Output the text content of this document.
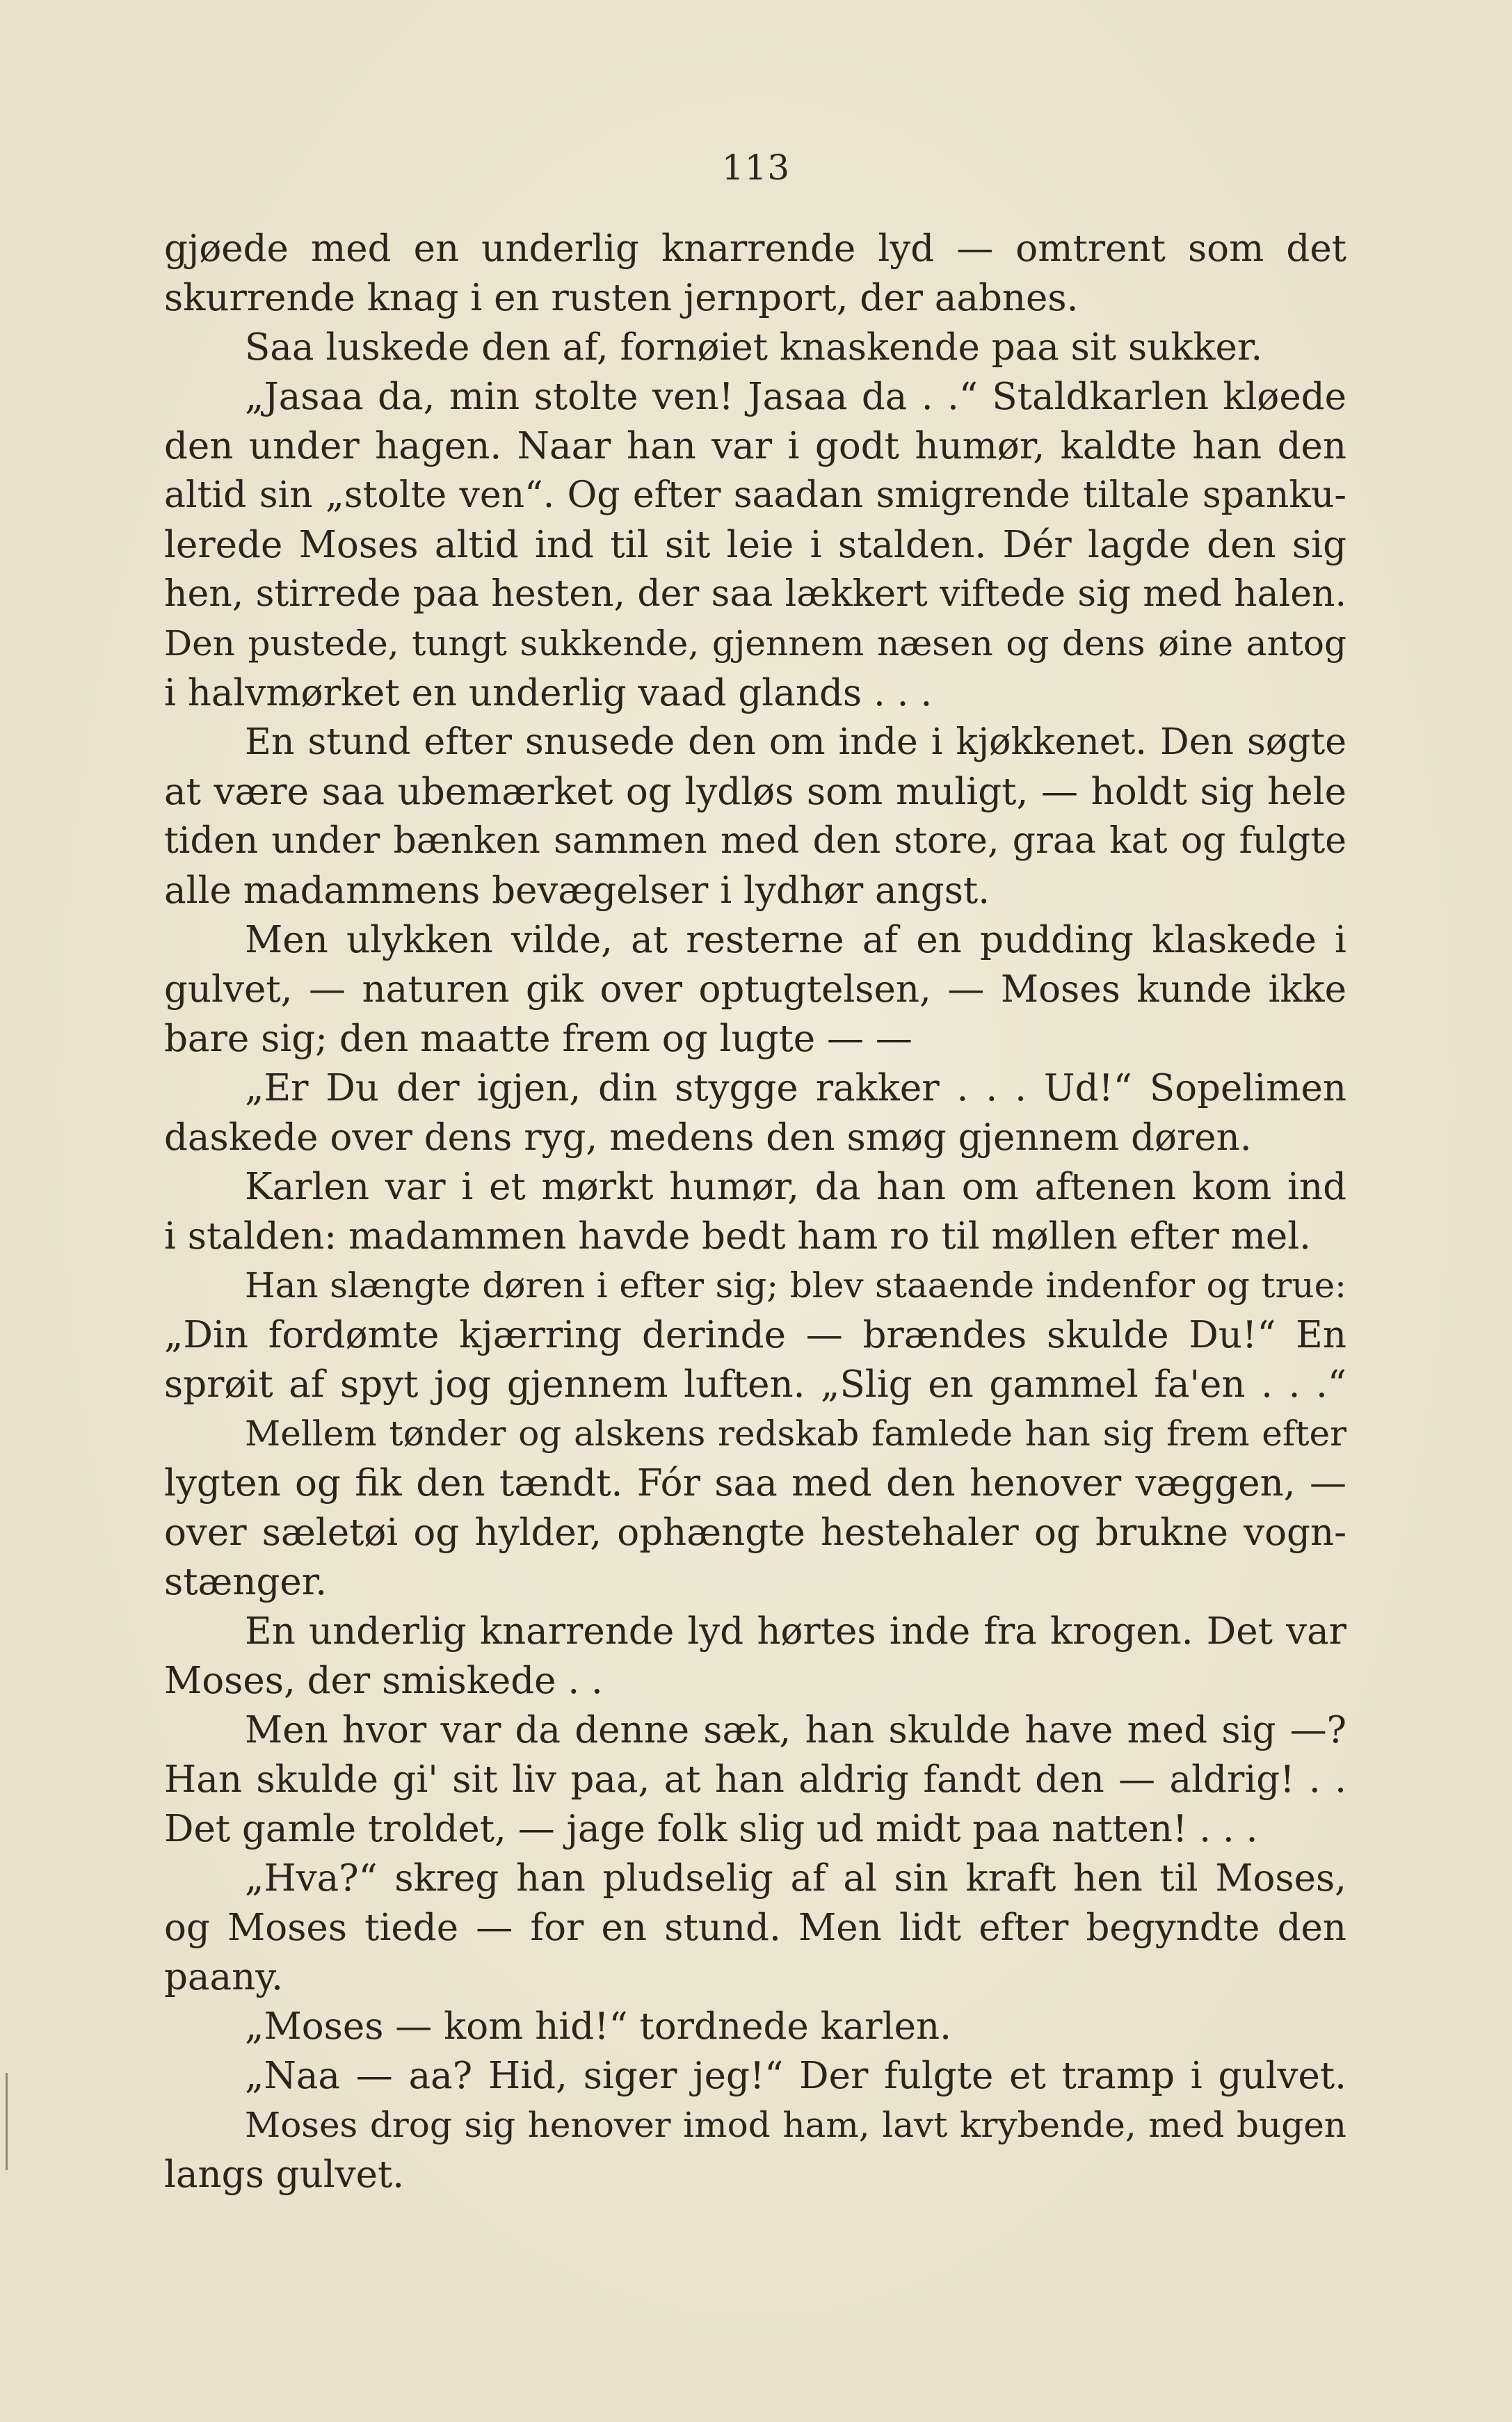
113
gjøede med en underlig knarrende lyd — omtrent som det
skurrende knag i en rusten jernport, der aabnes.
Saa luskede den af, fornøiet knaskende paa sit sukker.
„Jasaa da, min stolte ven! Jasaa da . .“ Staldkarlen kløede
den under hagen. Naar han var i godt humør, kaldte han den
altid sin „stolte ven“. Og efter saadan smigrende tiltale spanku-
lerede Moses altid ind til sit leie i stalden. Dér lagde den sig
hen, stirrede paa hesten, der saa lækkert viftede sig med halen.
Den pustede, tungt sukkende, gjennem næsen og dens øine antog
i halvmørket en underlig vaad glands . . .
En stund efter snusede den om inde i kjøkkenet. Den søgte
at være saa ubemærket og lydløs som muligt, — holdt sig hele
tiden under bænken sammen med den store, graa kat og fulgte
alle madammens bevægelser i lydhør angst.
Men ulykken vilde, at resterne af en pudding klaskede i
gulvet, — naturen gik over optugtelsen, — Moses kunde ikke
bare sig; den maatte frem og lugte — —
„Er Du der igjen, din stygge rakker . . . Ud!“ Sopelimen
daskede over dens ryg, medens den smøg gjennem døren.
Karlen var i et mørkt humør, da han om aftenen kom ind
i stalden: madammen havde bedt ham ro til møllen efter mel.
Han slængte døren i efter sig; blev staaende indenfor og true:
„Din fordømte kjærring derinde — brændes skulde Du!“ En
sprøit af spyt jog gjennem luften. „Slig en gammel fa'en . . .“
Mellem tønder og alskens redskab famlede han sig frem efter
lygten og fik den tændt. Fór saa med den henover væggen, —
over sæletøi og hylder, ophængte hestehaler og brukne vogn-
stænger.
En underlig knarrende lyd hørtes inde fra krogen. Det var
Moses, der smiskede . .
Men hvor var da denne sæk, han skulde have med sig —?
Han skulde gi' sit liv paa, at han aldrig fandt den — aldrig! . .
Det gamle troldet, — jage folk slig ud midt paa natten! . . .
„Hva?“ skreg han pludselig af al sin kraft hen til Moses,
og Moses tiede — for en stund. Men lidt efter begyndte den
paany.
„Moses — kom hid!“ tordnede karlen.
„Naa — aa? Hid, siger jeg!“ Der fulgte et tramp i gulvet.
Moses drog sig henover imod ham, lavt krybende, med bugen
langs gulvet.
